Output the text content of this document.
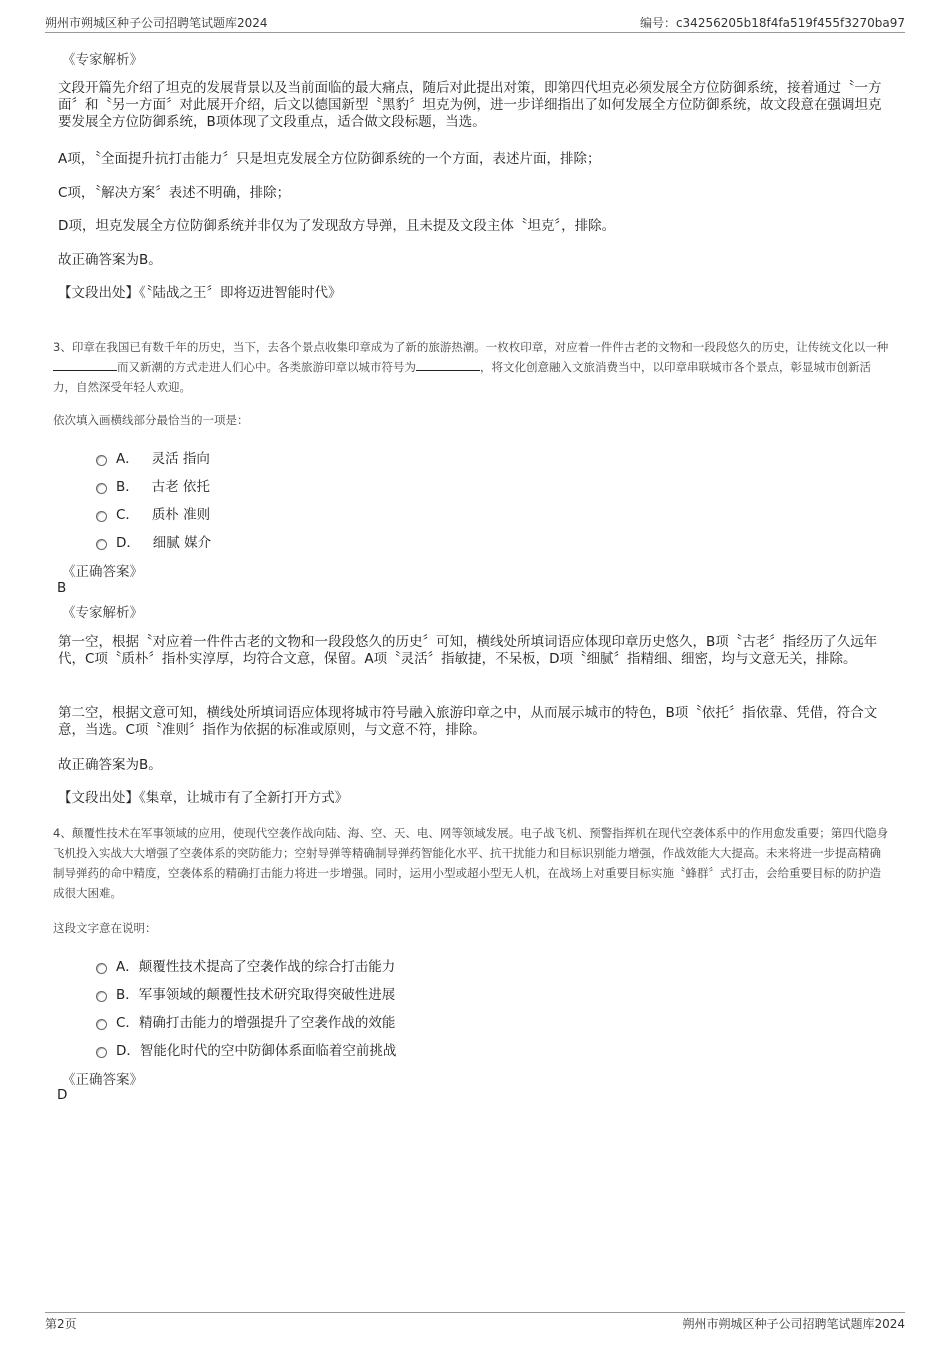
朔州市朔城区种子公司招聘笔试题库2024	编号：c34256205b18f4fa519f455f3270ba97
《专家解析》
文段开篇先介绍了坦克的发展背景以及当前面临的最大痛点，随后对此提出对策，即第四代坦克必须发展全方位防御系统，接着通过〝一方面〞和〝另一方面〞对此展开介绍，后文以德国新型〝黑豹〞坦克为例，进一步详细指出了如何发展全方位防御系统，故文段意在强调坦克要发展全方位防御系统，B项体现了文段重点，适合做文段标题，当选。
A项，〝全面提升抗打击能力〞只是坦克发展全方位防御系统的一个方面，表述片面，排除；
C项，〝解决方案〞表述不明确，排除；
D项，坦克发展全方位防御系统并非仅为了发现敌方导弹，且未提及文段主体〝坦克〞，排除。
故正确答案为B。
【文段出处】《〝陆战之王〞即将迈进智能时代》
3、印章在我国已有数千年的历史，当下，去各个景点收集印章成为了新的旅游热潮。一枚枚印章，对应着一件件古老的文物和一段段悠久的历史，让传统文化以一种而又新潮的方式走进人们心中。各类旅游印章以城市符号为	，将文化创意融入文旅消费当中，以印章串联城市各个景点，彰显城市创新活力，自然深受年轻人欢迎。
依次填入画横线部分最恰当的一项是：
A． 灵活 指向
B． 古老 依托
C． 质朴 准则
D． 细腻 媒介
《正确答案》
B
《专家解析》
第一空，根据〝对应着一件件古老的文物和一段段悠久的历史〞可知，横线处所填词语应体现印章历史悠久，B项〝古老〞指经历了久远年代，C项〝质朴〞指朴实淳厚，均符合文意，保留。A项〝灵活〞指敏捷，不呆板，D项〝细腻〞指精细、细密，均与文意无关，排除。
第二空，根据文意可知，横线处所填词语应体现将城市符号融入旅游印章之中，从而展示城市的特色，B项〝依托〞指依靠、凭借，符合文意，当选。C项〝准则〞指作为依据的标准或原则，与文意不符，排除。
故正确答案为B。
【文段出处】《集章，让城市有了全新打开方式》
4、颠覆性技术在军事领域的应用，使现代空袭作战向陆、海、空、天、电、网等领域发展。电子战飞机、预警指挥机在现代空袭体系中的作用愈发重要；第四代隐身飞机投入实战大大增强了空袭体系的突防能力；空射导弹等精确制导弹药智能化水平、抗干扰能力和目标识别能力增强，作战效能大大提高。未来将进一步提高精确制导弹药的命中精度，空袭体系的精确打击能力将进一步增强。同时，运用小型或超小型无人机，在战场上对重要目标实施〝蜂群〞式打击，会给重要目标的防护造成很大困难。
这段文字意在说明：
A．颠覆性技术提高了空袭作战的综合打击能力
B．军事领域的颠覆性技术研究取得突破性进展
C．精确打击能力的增强提升了空袭作战的效能
D．智能化时代的空中防御体系面临着空前挑战
《正确答案》
D
第2页	朔州市朔城区种子公司招聘笔试题库2024
